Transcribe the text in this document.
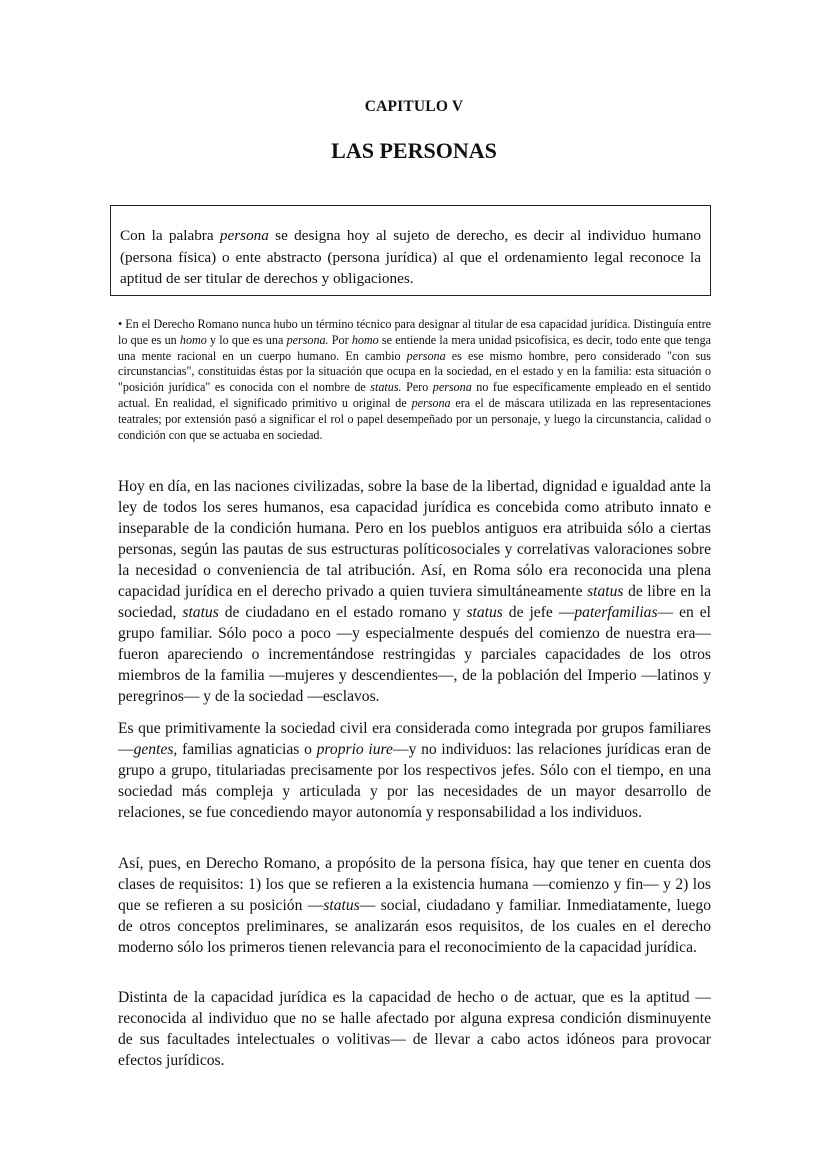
CAPITULO V
LAS PERSONAS
Con la palabra persona se designa hoy al sujeto de derecho, es decir al individuo humano (persona física) o ente abstracto (persona jurídica) al que el ordenamiento legal reconoce la aptitud de ser titular de derechos y obligaciones.
• En el Derecho Romano nunca hubo un término técnico para designar al titular de esa capacidad jurídica. Distinguía entre lo que es un homo y lo que es una persona. Por homo se entiende la mera unidad psicofísica, es decir, todo ente que tenga una mente racional en un cuerpo humano. En cambio persona es ese mismo hombre, pero considerado "con sus circunstancias", constituidas éstas por la situación que ocupa en la sociedad, en el estado y en la familia: esta situación o "posición jurídica" es conocida con el nombre de status. Pero persona no fue específicamente empleado en el sentido actual. En realidad, el significado primitivo u original de persona era el de máscara utilizada en las representaciones teatrales; por extensión pasó a significar el rol o papel desempeñado por un personaje, y luego la circunstancia, calidad o condición con que se actuaba en sociedad.

Hoy en día, en las naciones civilizadas, sobre la base de la libertad, dignidad e igualdad ante la ley de todos los seres humanos, esa capacidad jurídica es concebida como atributo innato e inseparable de la condición humana. Pero en los pueblos antiguos era atribuida sólo a ciertas personas, según las pautas de sus estructuras políticosociales y correlativas valoraciones sobre la necesidad o conveniencia de tal atribución. Así, en Roma sólo era reconocida una plena capacidad jurídica en el derecho privado a quien tuviera simultáneamente status de libre en la sociedad, status de ciudadano en el estado romano y status de jefe —paterfamilias— en el grupo familiar. Sólo poco a poco —y especialmente después del comienzo de nuestra era— fueron apareciendo o incrementándose restringidas y parciales capacidades de los otros miembros de la familia —mujeres y descendientes—, de la población del Imperio —latinos y peregrinos— y de la sociedad —esclavos.

Es que primitivamente la sociedad civil era considerada como integrada por grupos familiares —gentes, familias agnaticias o proprio iure—y no individuos: las relaciones jurídicas eran de grupo a grupo, titulariadas precisamente por los respectivos jefes. Sólo con el tiempo, en una sociedad más compleja y articulada y por las necesidades de un mayor desarrollo de relaciones, se fue concediendo mayor autonomía y responsabilidad a los individuos.

Así, pues, en Derecho Romano, a propósito de la persona física, hay que tener en cuenta dos clases de requisitos: 1) los que se refieren a la existencia humana —comienzo y fin— y 2) los que se refieren a su posición —status— social, ciudadano y familiar. Inmediatamente, luego de otros conceptos preliminares, se analizarán esos requisitos, de los cuales en el derecho moderno sólo los primeros tienen relevancia para el reconocimiento de la capacidad jurídica.

Distinta de la capacidad jurídica es la capacidad de hecho o de actuar, que es la aptitud —reconocida al individuo que no se halle afectado por alguna expresa condición disminuyente de sus facultades intelectuales o volitivas— de llevar a cabo actos idóneos para provocar efectos jurídicos.
